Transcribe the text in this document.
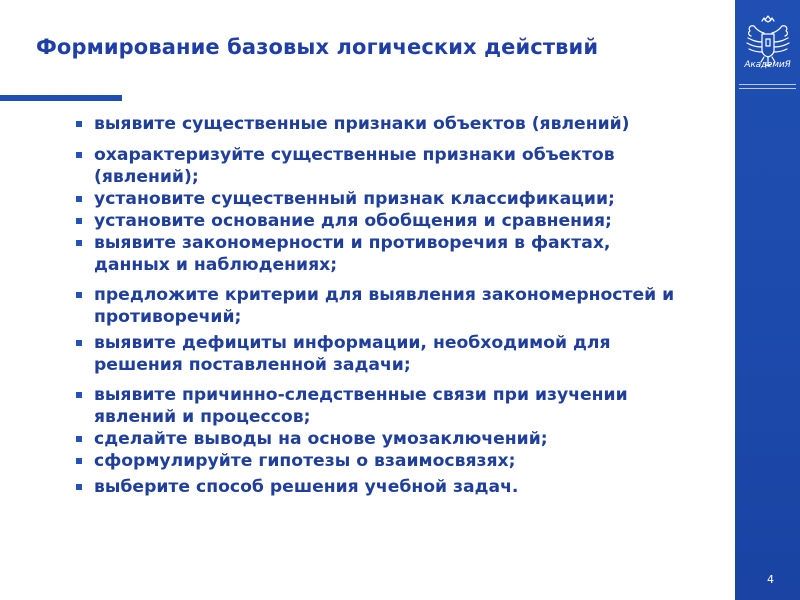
Формирование базовых логических действий
выявите существенные признаки объектов (явлений)
охарактеризуйте существенные признаки объектов (явлений);
установите существенный признак классификации;
установите основание для обобщения и сравнения;
выявите закономерности и противоречия в фактах, данных и наблюдениях;
предложите критерии для выявления закономерностей и противоречий;
выявите дефициты информации, необходимой для решения поставленной задачи;
выявите причинно-следственные связи при изучении явлений и процессов;
сделайте выводы на основе умозаключений;
сформулируйте гипотезы о взаимосвязях;
выберите способ решения учебной задач.
АкадемиЯ
4
